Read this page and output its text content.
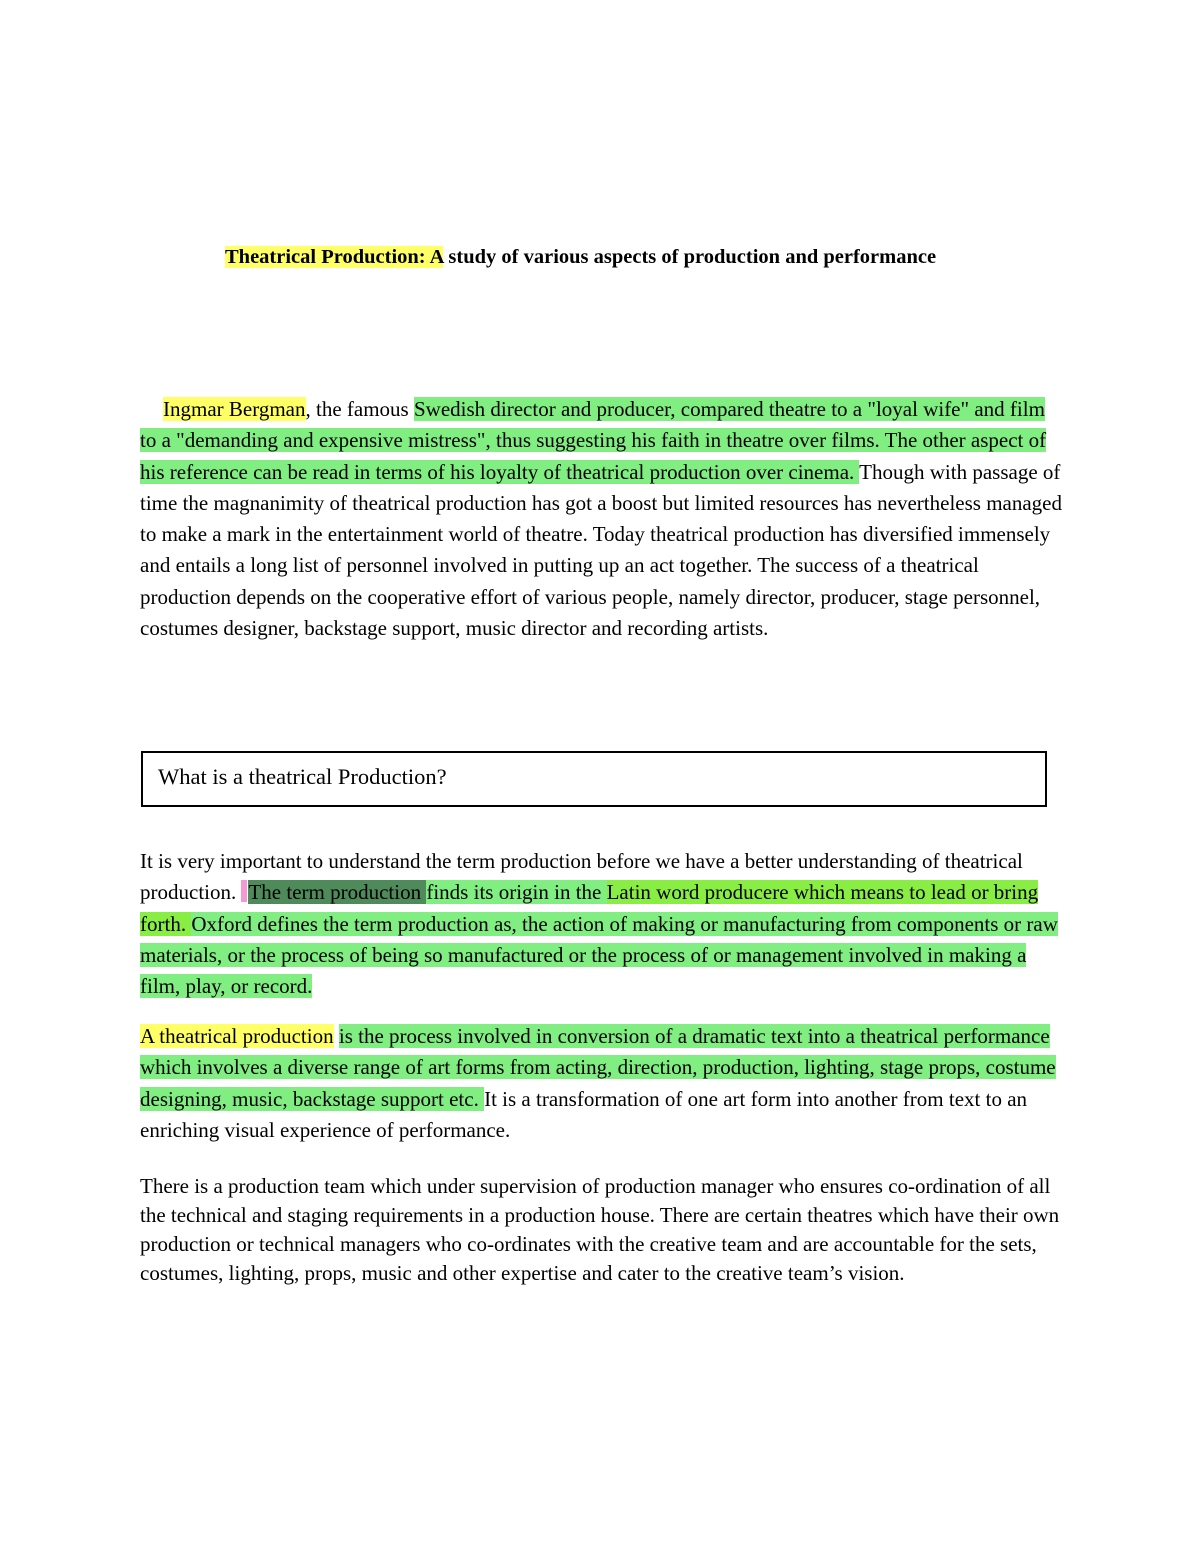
Theatrical Production: A study of various aspects of production and performance
Ingmar Bergman, the famous Swedish director and producer, compared theatre to a "loyal wife" and film to a "demanding and expensive mistress", thus suggesting his faith in theatre over films. The other aspect of his reference can be read in terms of his loyalty of theatrical production over cinema. Though with passage of time the magnanimity of theatrical production has got a boost but limited resources has nevertheless managed to make a mark in the entertainment world of theatre. Today theatrical production has diversified immensely and entails a long list of personnel involved in putting up an act together. The success of a theatrical production depends on the cooperative effort of various people, namely director, producer, stage personnel, costumes designer, backstage support, music director and recording artists.
What is a theatrical Production?
It is very important to understand the term production before we have a better understanding of theatrical production. The term production finds its origin in the Latin word producere which means to lead or bring forth. Oxford defines the term production as, the action of making or manufacturing from components or raw materials, or the process of being so manufactured or the process of or management involved in making a film, play, or record.
A theatrical production is the process involved in conversion of a dramatic text into a theatrical performance which involves a diverse range of art forms from acting, direction, production, lighting, stage props, costume designing, music, backstage support etc. It is a transformation of one art form into another from text to an enriching visual experience of performance.
There is a production team which under supervision of production manager who ensures co-ordination of all the technical and staging requirements in a production house. There are certain theatres which have their own production or technical managers who co-ordinates with the creative team and are accountable for the sets, costumes, lighting, props, music and other expertise and cater to the creative team’s vision.
